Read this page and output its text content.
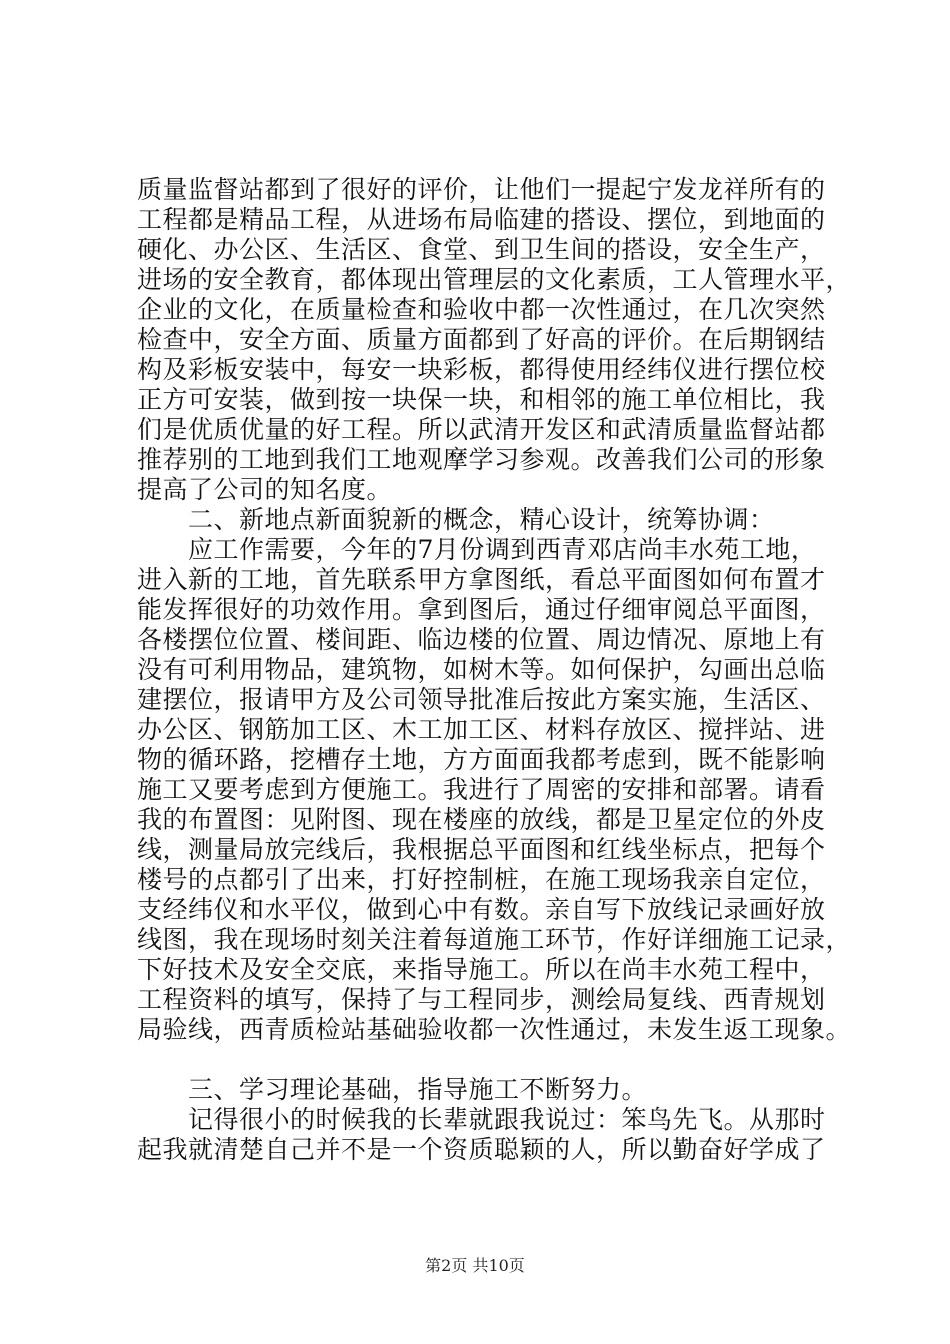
质量监督站都到了很好的评价，让他们一提起宁发龙祥所有的
工程都是精品工程，从进场布局临建的搭设、摆位，到地面的
硬化、办公区、生活区、食堂、到卫生间的搭设，安全生产，
进场的安全教育，都体现出管理层的文化素质，工人管理水平，
企业的文化，在质量检查和验收中都一次性通过，在几次突然
检查中，安全方面、质量方面都到了好高的评价。在后期钢结
构及彩板安装中，每安一块彩板，都得使用经纬仪进行摆位校
正方可安装，做到按一块保一块，和相邻的施工单位相比，我
们是优质优量的好工程。所以武清开发区和武清质量监督站都
推荐别的工地到我们工地观摩学习参观。改善我们公司的形象
提高了公司的知名度。
　　二、新地点新面貌新的概念，精心设计，统筹协调：
　　应工作需要，今年的7月份调到西青邓店尚丰水苑工地，
进入新的工地，首先联系甲方拿图纸，看总平面图如何布置才
能发挥很好的功效作用。拿到图后，通过仔细审阅总平面图，
各楼摆位位置、楼间距、临边楼的位置、周边情况、原地上有
没有可利用物品，建筑物，如树木等。如何保护，勾画出总临
建摆位，报请甲方及公司领导批准后按此方案实施，生活区、
办公区、钢筋加工区、木工加工区、材料存放区、搅拌站、进
物的循环路，挖槽存土地，方方面面我都考虑到，既不能影响
施工又要考虑到方便施工。我进行了周密的安排和部署。请看
我的布置图：见附图、现在楼座的放线，都是卫星定位的外皮
线，测量局放完线后，我根据总平面图和红线坐标点，把每个
楼号的点都引了出来，打好控制桩，在施工现场我亲自定位，
支经纬仪和水平仪，做到心中有数。亲自写下放线记录画好放
线图，我在现场时刻关注着每道施工环节，作好详细施工记录，
下好技术及安全交底，来指导施工。所以在尚丰水苑工程中，
工程资料的填写，保持了与工程同步，测绘局复线、西青规划
局验线，西青质检站基础验收都一次性通过，未发生返工现象。
　　三、学习理论基础，指导施工不断努力。
　　记得很小的时候我的长辈就跟我说过：笨鸟先飞。从那时
起我就清楚自己并不是一个资质聪颖的人，所以勤奋好学成了
第2页 共10页
